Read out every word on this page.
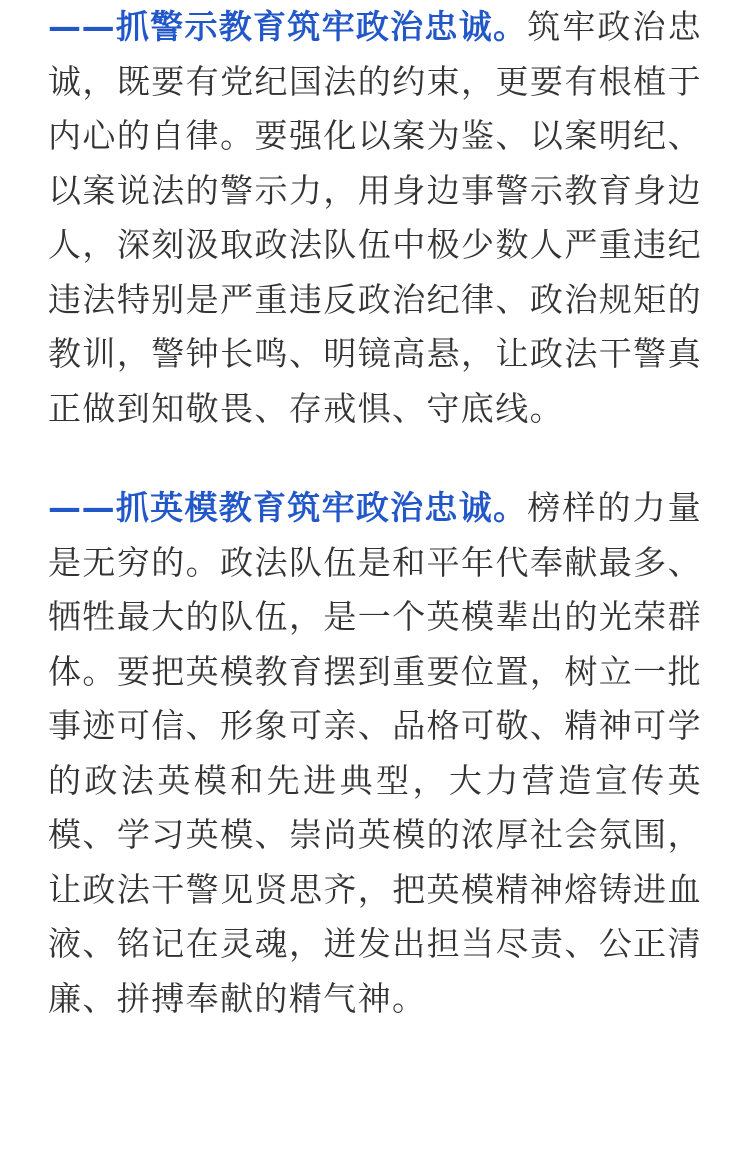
——抓警示教育筑牢政治忠诚。筑牢政治忠诚，既要有党纪国法的约束，更要有根植于内心的自律。要强化以案为鉴、以案明纪、以案说法的警示力，用身边事警示教育身边人，深刻汲取政法队伍中极少数人严重违纪违法特别是严重违反政治纪律、政治规矩的教训，警钟长鸣、明镜高悬，让政法干警真正做到知敬畏、存戒惧、守底线。

——抓英模教育筑牢政治忠诚。榜样的力量是无穷的。政法队伍是和平年代奉献最多、牺牲最大的队伍，是一个英模辈出的光荣群体。要把英模教育摆到重要位置，树立一批事迹可信、形象可亲、品格可敬、精神可学的政法英模和先进典型，大力营造宣传英模、学习英模、崇尚英模的浓厚社会氛围，让政法干警见贤思齐，把英模精神熔铸进血液、铭记在灵魂，迸发出担当尽责、公正清廉、拼搏奉献的精气神。
